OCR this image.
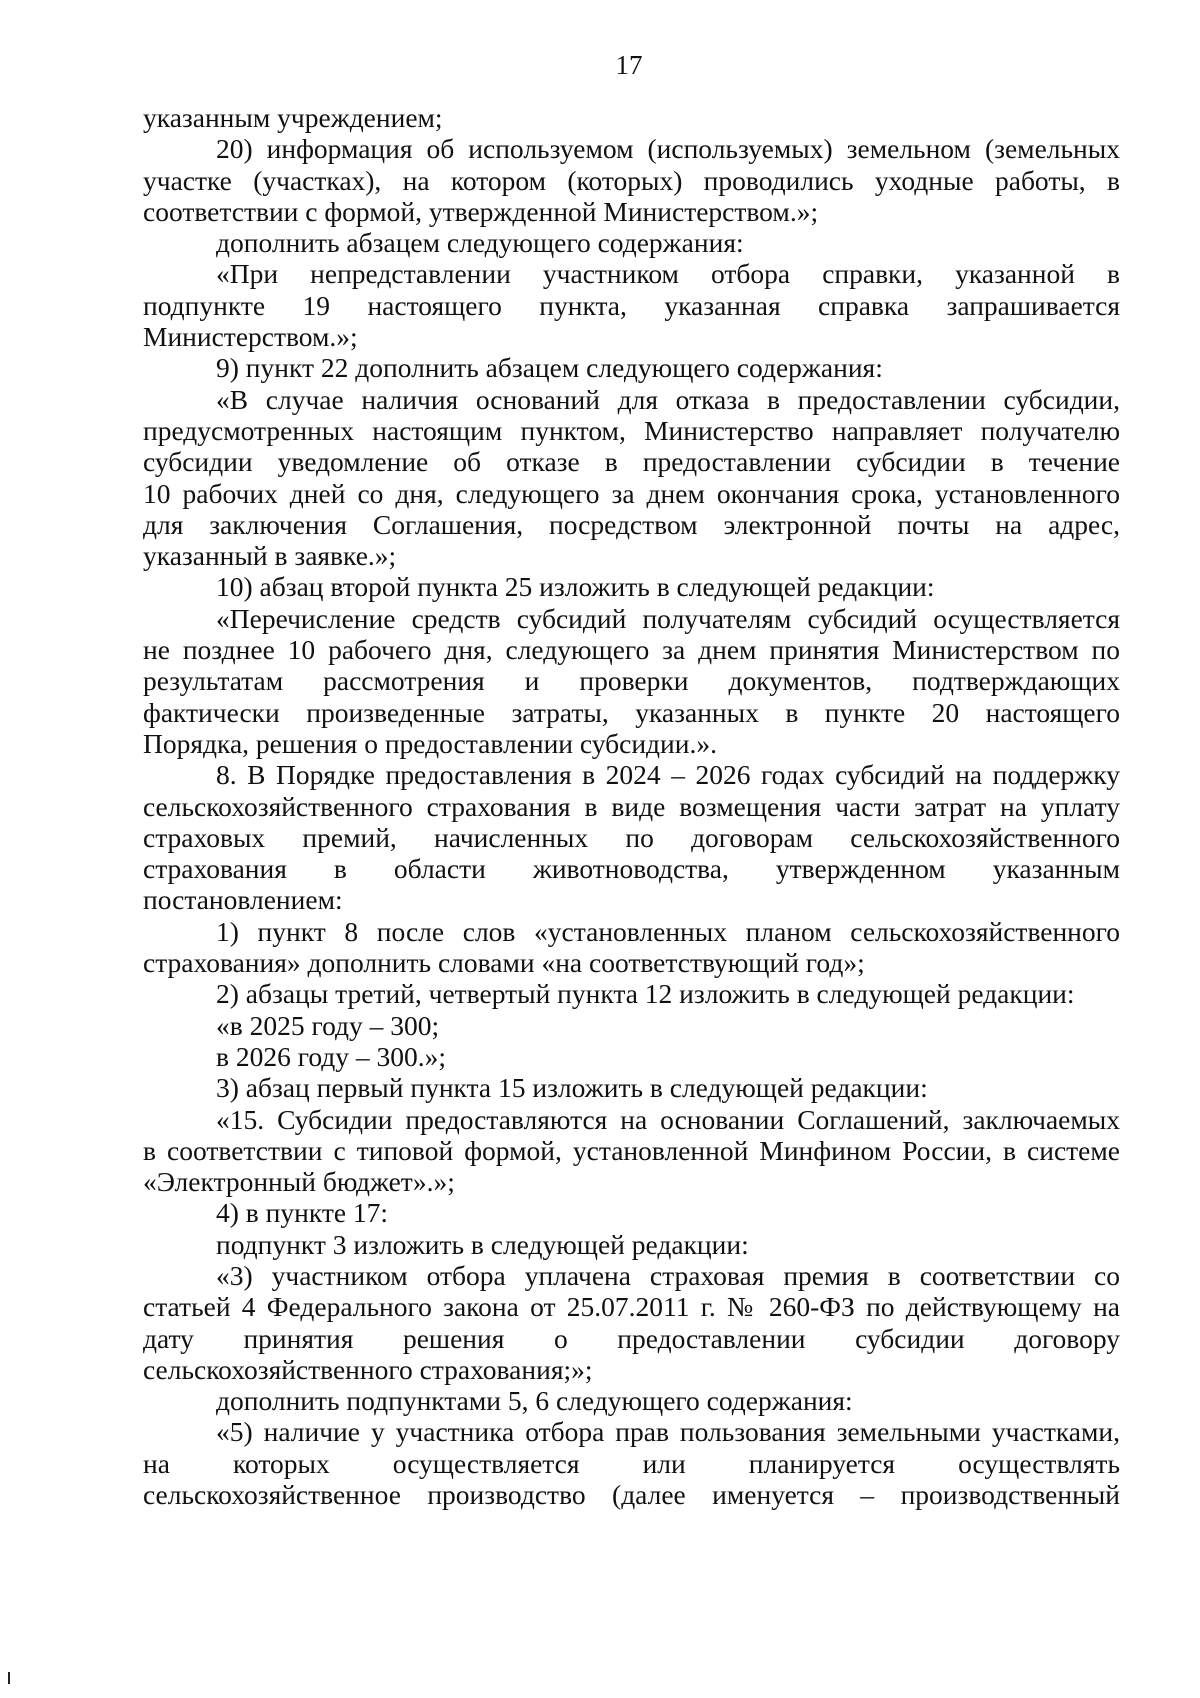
17
указанным учреждением;
20) информация об используемом (используемых) земельном (земельных
участке (участках), на котором (которых) проводились уходные работы, в
соответствии с формой, утвержденной Министерством.»;
дополнить абзацем следующего содержания:
«При непредставлении участником отбора справки, указанной в
подпункте 19 настоящего пункта, указанная справка запрашивается
Министерством.»;
9) пункт 22 дополнить абзацем следующего содержания:
«В случае наличия оснований для отказа в предоставлении субсидии,
предусмотренных настоящим пунктом, Министерство направляет получателю
субсидии уведомление об отказе в предоставлении субсидии в течение
10 рабочих дней со дня, следующего за днем окончания срока, установленного
для заключения Соглашения, посредством электронной почты на адрес,
указанный в заявке.»;
10) абзац второй пункта 25 изложить в следующей редакции:
«Перечисление средств субсидий получателям субсидий осуществляется
не позднее 10 рабочего дня, следующего за днем принятия Министерством по
результатам рассмотрения и проверки документов, подтверждающих
фактически произведенные затраты, указанных в пункте 20 настоящего
Порядка, решения о предоставлении субсидии.».
8. В Порядке предоставления в 2024 – 2026 годах субсидий на поддержку
сельскохозяйственного страхования в виде возмещения части затрат на уплату
страховых премий, начисленных по договорам сельскохозяйственного
страхования в области животноводства, утвержденном указанным
постановлением:
1) пункт 8 после слов «установленных планом сельскохозяйственного
страхования» дополнить словами «на соответствующий год»;
2) абзацы третий, четвертый пункта 12 изложить в следующей редакции:
«в 2025 году – 300;
в 2026 году – 300.»;
3) абзац первый пункта 15 изложить в следующей редакции:
«15. Субсидии предоставляются на основании Соглашений, заключаемых
в соответствии с типовой формой, установленной Минфином России, в системе
«Электронный бюджет».»;
4) в пункте 17:
подпункт 3 изложить в следующей редакции:
«3) участником отбора уплачена страховая премия в соответствии со
статьей 4 Федерального закона от 25.07.2011 г. № 260-ФЗ по действующему на
дату принятия решения о предоставлении субсидии договору
сельскохозяйственного страхования;»;
дополнить подпунктами 5, 6 следующего содержания:
«5) наличие у участника отбора прав пользования земельными участками,
на которых осуществляется или планируется осуществлять
сельскохозяйственное производство (далее именуется – производственный
